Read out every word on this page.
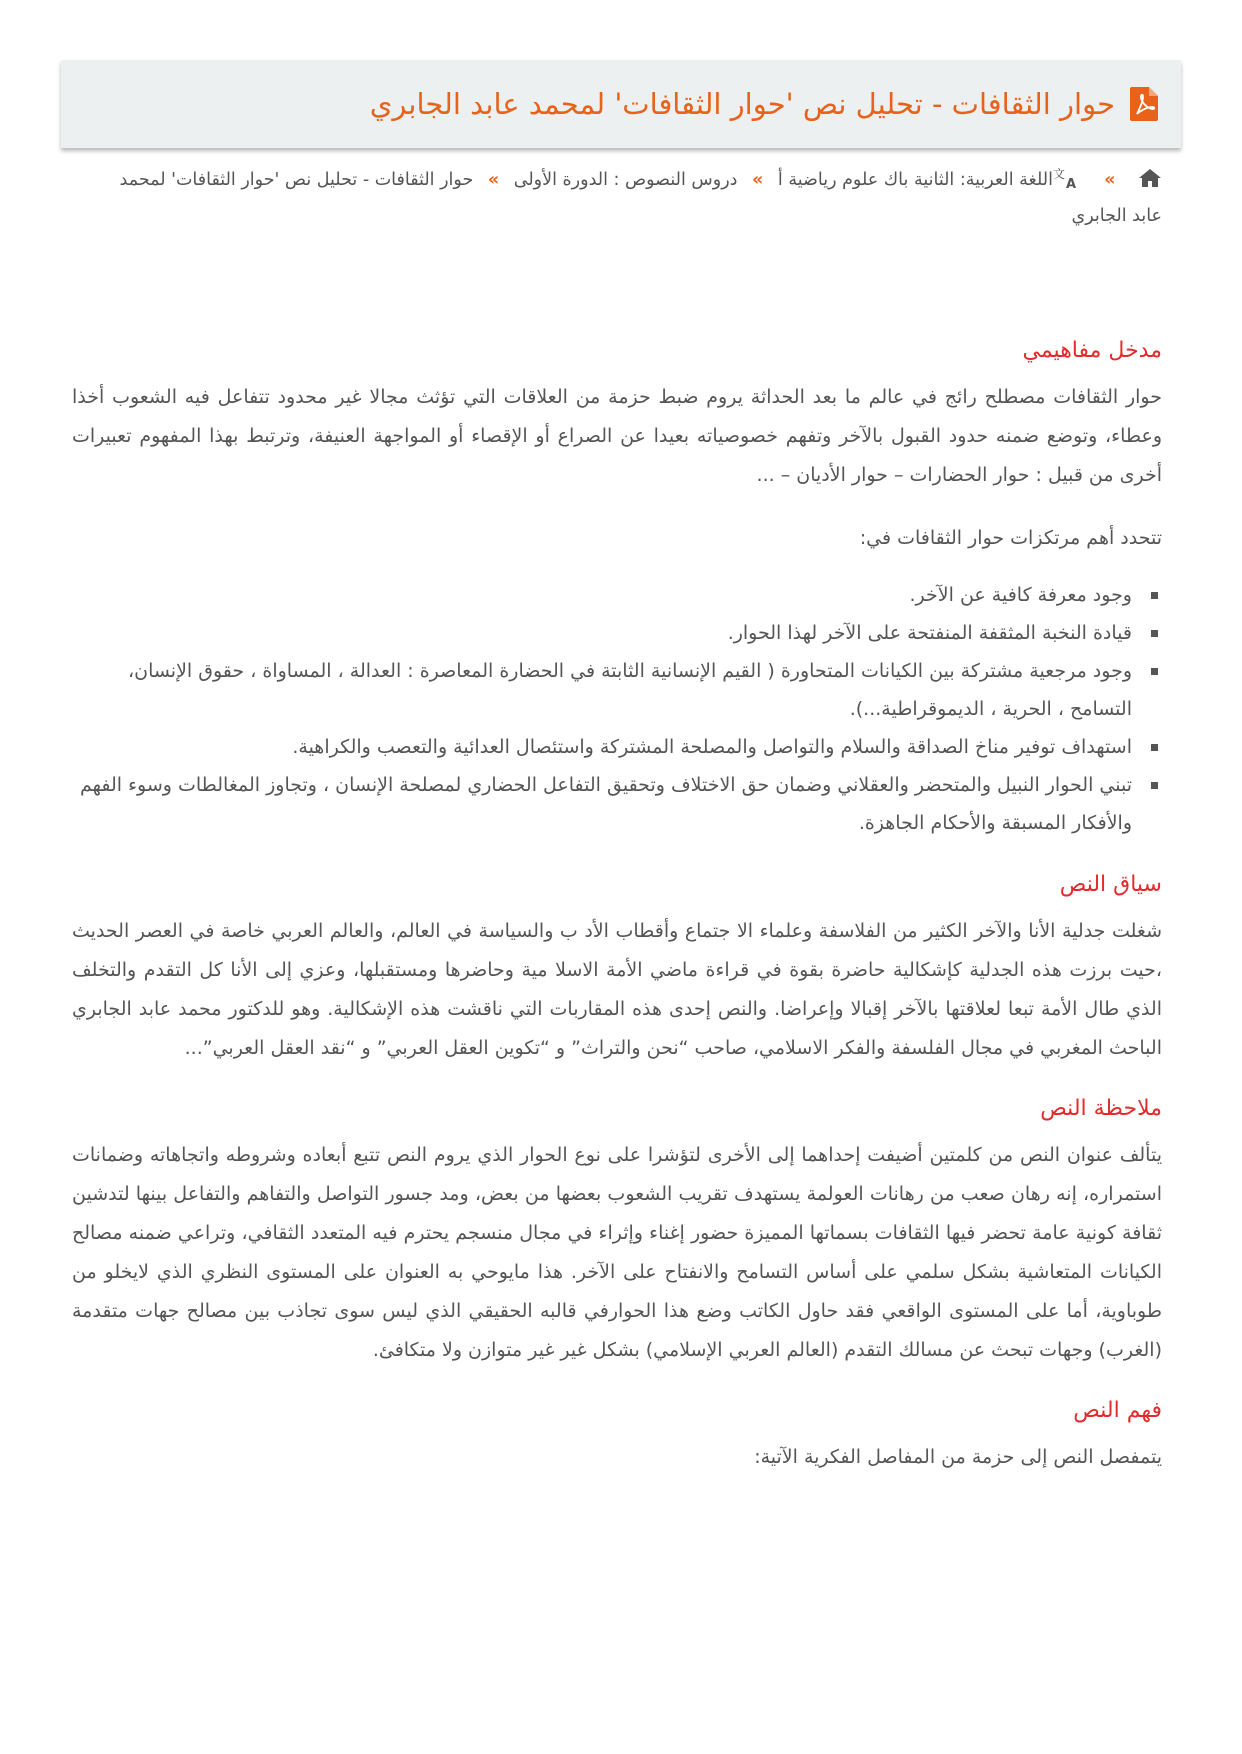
حوار الثقافات - تحليل نص 'حوار الثقافات' لمحمد عابد الجابري
»
文
A
اللغة العربية: الثانية باك علوم رياضية أ » دروس النصوص : الدورة الأولى » حوار الثقافات - تحليل نص 'حوار الثقافات' لمحمد عابد الجابري
مدخل مفاهيمي

حوار الثقافات مصطلح رائج في عالم ما بعد الحداثة يروم ضبط حزمة من العلاقات التي تؤثث مجالا غير محدود تتفاعل فيه الشعوب أخذا وعطاء، وتوضع ضمنه حدود القبول بالآخر وتفهم خصوصياته بعيدا عن الصراع أو الإقصاء أو المواجهة العنيفة، وترتبط بهذا المفهوم تعبيرات أخرى من قبيل : حوار الحضارات – حوار الأديان – ...

تتحدد أهم مرتكزات حوار الثقافات في:

وجود معرفة كافية عن الآخر.
قيادة النخبة المثقفة المنفتحة على الآخر لهذا الحوار.
وجود مرجعية مشتركة بين الكيانات المتحاورة ( القيم الإنسانية الثابتة في الحضارة المعاصرة : العدالة ، المساواة ، حقوق الإنسان، التسامح ، الحرية ، الديموقراطية...).
استهداف توفير مناخ الصداقة والسلام والتواصل والمصلحة المشتركة واستئصال العدائية والتعصب والكراهية.
تبني الحوار النبيل والمتحضر والعقلاني وضمان حق الاختلاف وتحقيق التفاعل الحضاري لمصلحة الإنسان ، وتجاوز المغالطات وسوء الفهم والأفكار المسبقة والأحكام الجاهزة.
سياق النص

شغلت جدلية الأنا والآخر الكثير من الفلاسفة وعلماء الا جتماع وأقطاب الأد ب والسياسة في العالم، والعالم العربي خاصة في العصر الحديث ،حيت برزت هذه الجدلية كإشكالية حاضرة بقوة في قراءة ماضي الأمة الاسلا مية وحاضرها ومستقبلها، وعزي إلى الأنا كل التقدم والتخلف الذي طال الأمة تبعا لعلاقتها بالآخر إقبالا وإعراضا. والنص إحدى هذه المقاربات التي ناقشت هذه الإشكالية. وهو للدكتور محمد عابد الجابري الباحث المغربي في مجال الفلسفة والفكر الاسلامي، صاحب “نحن والتراث” و “تكوين العقل العربي” و “نقد العقل العربي”...

ملاحظة النص

يتألف عنوان النص من كلمتين أضيفت إحداهما إلى الأخرى لتؤشرا على نوع الحوار الذي يروم النص تتبع أبعاده وشروطه واتجاهاته وضمانات استمراره، إنه رهان صعب من رهانات العولمة يستهدف تقريب الشعوب بعضها من بعض، ومد جسور التواصل والتفاهم والتفاعل بينها لتدشين ثقافة كونية عامة تحضر فيها الثقافات بسماتها المميزة حضور إغناء وإثراء في مجال منسجم يحترم فيه المتعدد الثقافي، وتراعي ضمنه مصالح الكيانات المتعاشية بشكل سلمي على أساس التسامح والانفتاح على الآخر. هذا مايوحي به العنوان على المستوى النظري الذي لايخلو من طوباوية، أما على المستوى الواقعي فقد حاول الكاتب وضع هذا الحوارفي قالبه الحقيقي الذي ليس سوى تجاذب بين مصالح جهات متقدمة (الغرب) وجهات تبحث عن مسالك التقدم (العالم العربي الإسلامي) بشكل غير غير متوازن ولا متكافئ.

فهم النص

يتمفصل النص إلى حزمة من المفاصل الفكرية الآتية:
